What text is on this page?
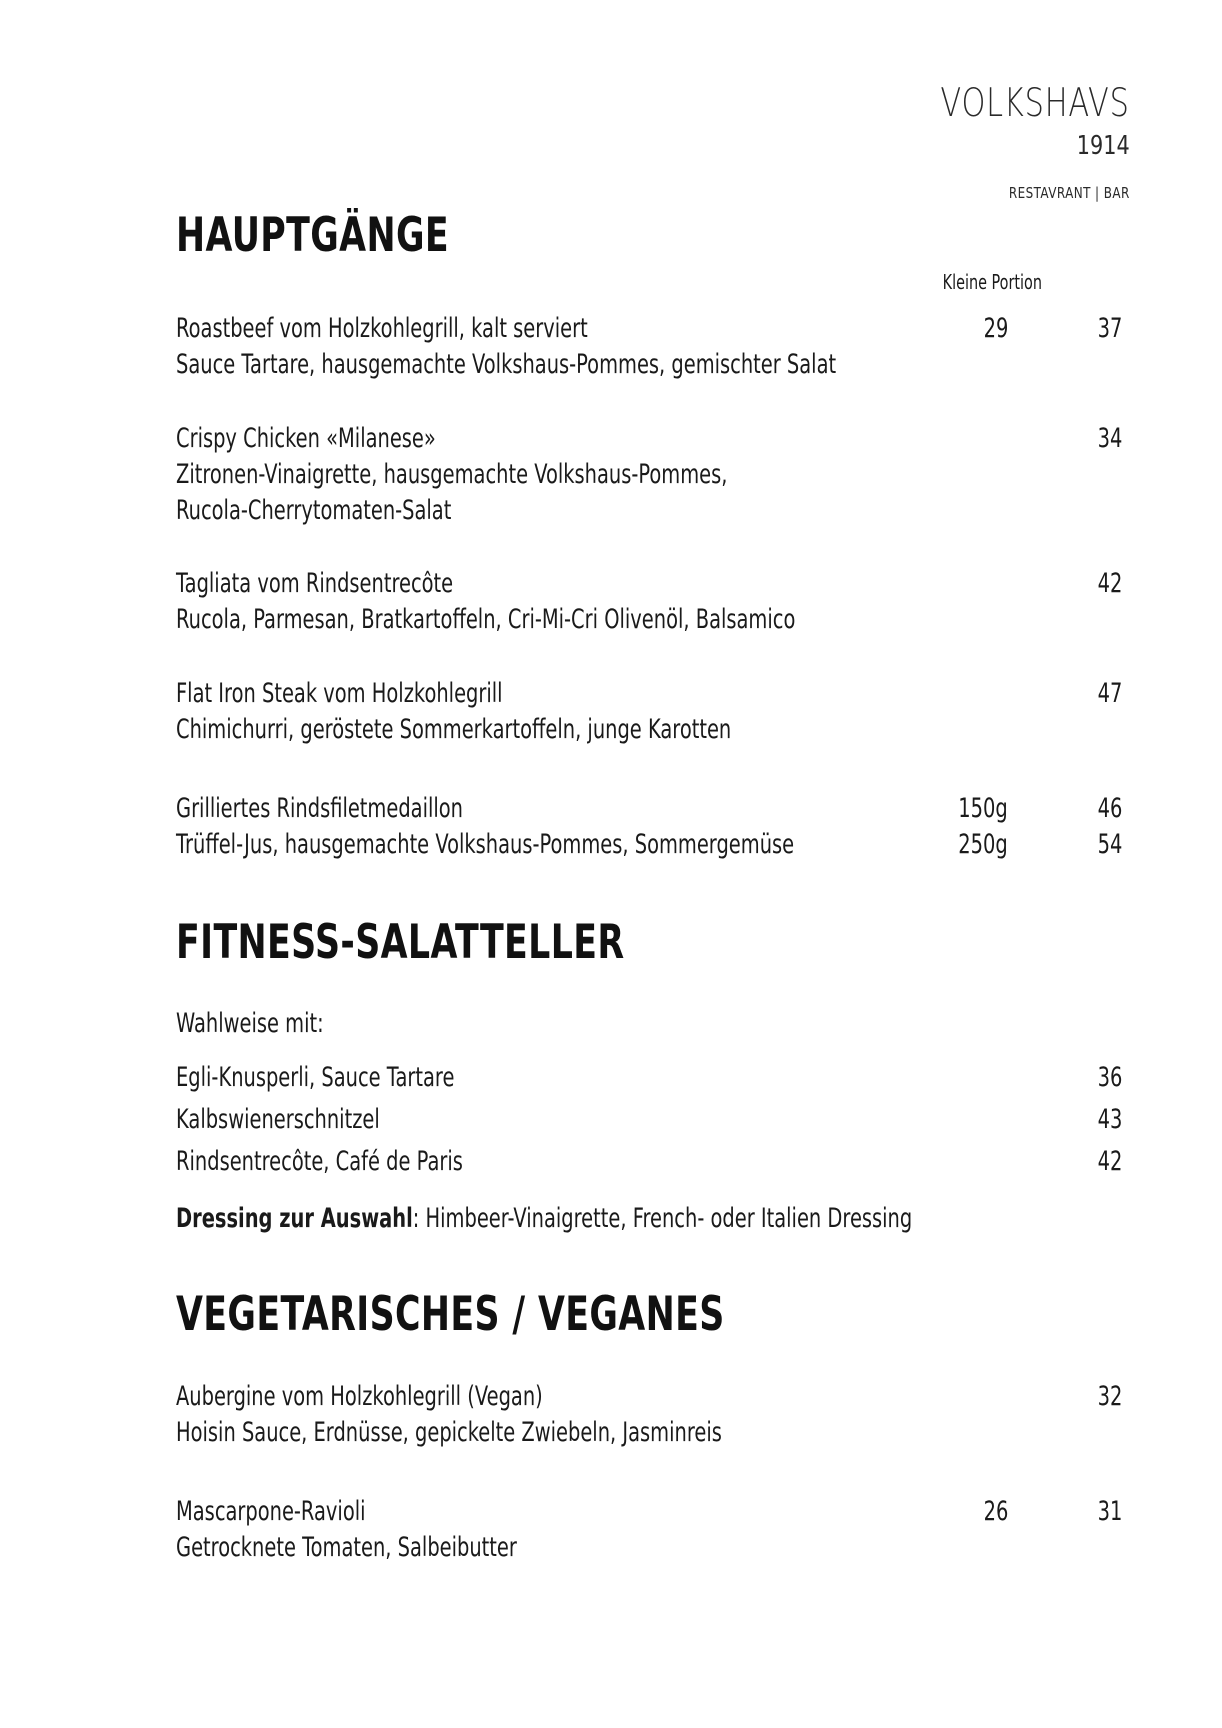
VOLKSHAVS
1914
RESTAVRANT | BAR
HAUPTGÄNGE
Kleine Portion
Roastbeef vom Holzkohlegrill, kalt serviert	29	37
Sauce Tartare, hausgemachte Volkshaus-Pommes, gemischter Salat
Crispy Chicken «Milanese»	34
Zitronen-Vinaigrette, hausgemachte Volkshaus-Pommes,
Rucola-Cherrytomaten-Salat
Tagliata vom Rindsentrecôte	42
Rucola, Parmesan, Bratkartoffeln, Cri-Mi-Cri Olivenöl, Balsamico
Flat Iron Steak vom Holzkohlegrill	47
Chimichurri, geröstete Sommerkartoffeln, junge Karotten
Grilliertes Rindsfiletmedaillon	150g	46
Trüffel-Jus, hausgemachte Volkshaus-Pommes, Sommergemüse	250g	54
FITNESS-SALATTELLER
Wahlweise mit:
Egli-Knusperli, Sauce Tartare	36
Kalbswienerschnitzel	43
Rindsentrecôte, Café de Paris	42
Dressing zur Auswahl: Himbeer-Vinaigrette, French- oder Italien Dressing
VEGETARISCHES / VEGANES
Aubergine vom Holzkohlegrill (Vegan)	32
Hoisin Sauce, Erdnüsse, gepickelte Zwiebeln, Jasminreis
Mascarpone-Ravioli	26	31
Getrocknete Tomaten, Salbeibutter
